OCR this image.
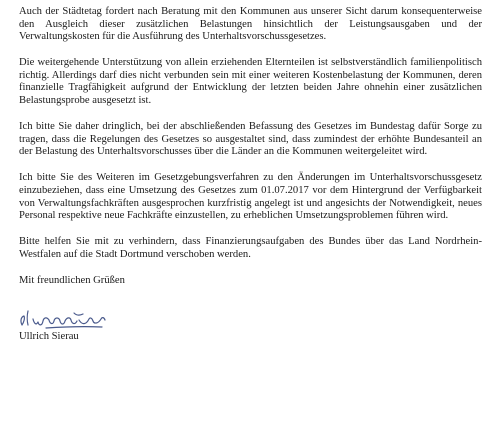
Auch der Städtetag fordert nach Beratung mit den Kommunen aus unserer Sicht darum konsequenterweise den Ausgleich dieser zusätzlichen Belastungen hinsichtlich der Leistungsausgaben und der Verwaltungskosten für die Ausführung des Unterhaltsvorschussgesetzes.

Die weitergehende Unterstützung von allein erziehenden Elternteilen ist selbstverständlich familienpolitisch richtig. Allerdings darf dies nicht verbunden sein mit einer weiteren Kostenbelastung der Kommunen, deren finanzielle Tragfähigkeit aufgrund der Entwicklung der letzten beiden Jahre ohnehin einer zusätzlichen Belastungsprobe ausgesetzt ist.

Ich bitte Sie daher dringlich, bei der abschließenden Befassung des Gesetzes im Bundestag dafür Sorge zu tragen, dass die Regelungen des Gesetzes so ausgestaltet sind, dass zumindest der erhöhte Bundesanteil an der Belastung des Unterhaltsvorschusses über die Länder an die Kommunen weitergeleitet wird.

Ich bitte Sie des Weiteren im Gesetzgebungsverfahren zu den Änderungen im Unterhaltsvorschussgesetz einzubeziehen, dass eine Umsetzung des Gesetzes zum 01.07.2017 vor dem Hintergrund der Verfügbarkeit von Verwaltungsfachkräften ausgesprochen kurzfristig angelegt ist und angesichts der Notwendigkeit, neues Personal respektive neue Fachkräfte einzustellen, zu erheblichen Umsetzungsproblemen führen wird.

Bitte helfen Sie mit zu verhindern, dass Finanzierungsaufgaben des Bundes über das Land Nordrhein-Westfalen auf die Stadt Dortmund verschoben werden.

Mit freundlichen Grüßen

Ullrich Sierau
